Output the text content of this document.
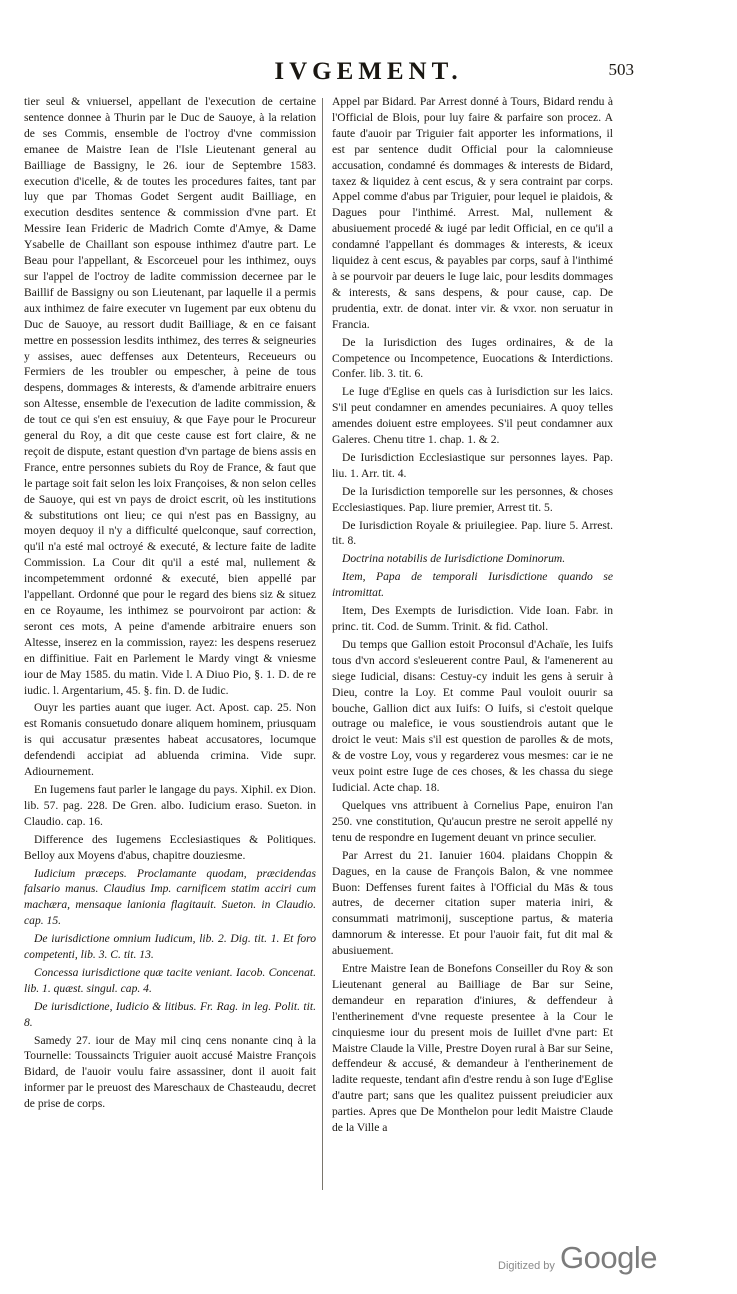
IVGEMENT.	503

tier seul & vniuersel, appellant de l'execution de certaine sentence donnee à Thurin par le Duc de Sauoye, à la relation de ses Commis, ensemble de l'octroy d'vne commission emanee de Maistre Iean de l'Isle Lieutenant general au Bailliage de Bassigny, le 26. iour de Septembre 1583. execution d'icelle, & de toutes les procedures faites, tant par luy que par Thomas Godet Sergent audit Bailliage, en execution desdites sentence & commission d'vne part. Et Messire Iean Frideric de Madrich Comte d'Amye, & Dame Ysabelle de Chaillant son espouse inthimez d'autre part. Le Beau pour l'appellant, & Escorceuel pour les inthimez, ouys sur l'appel de l'octroy de ladite commission decernee par le Baillif de Bassigny ou son Lieutenant, par laquelle il a permis aux inthimez de faire executer vn Iugement par eux obtenu du Duc de Sauoye, au ressort dudit Bailliage, & en ce faisant mettre en possession lesdits inthimez, des terres & seigneuries y assises, auec deffenses aux Detenteurs, Receueurs ou Fermiers de les troubler ou empescher, à peine de tous despens, dommages & interests, & d'amende arbitraire enuers son Altesse, ensemble de l'execution de ladite commission, & de tout ce qui s'en est ensuiuy, & que Faye pour le Procureur general du Roy, a dit que ceste cause est fort claire, & ne reçoit de dispute, estant question d'vn partage de biens assis en France, entre personnes subiets du Roy de France, & faut que le partage soit fait selon les loix Françoises, & non selon celles de Sauoye, qui est vn pays de droict escrit, où les institutions & substitutions ont lieu; ce qui n'est pas en Bassigny, au moyen dequoy il n'y a difficulté quelconque, sauf correction, qu'il n'a esté mal octroyé & executé, & lecture faite de ladite Commission. La Cour dit qu'il a esté mal, nullement & incompetemment ordonné & executé, bien appellé par l'appellant. Ordonné que pour le regard des biens siz & situez en ce Royaume, les inthimez se pourvoiront par action: & seront ces mots, A peine d'amende arbitraire enuers son Altesse, inserez en la commission, rayez: les despens reseruez en diffinitiue. Fait en Parlement le Mardy vingt & vniesme iour de May 1585. du matin. Vide l. A Diuo Pio, §. 1. D. de re iudic. l. Argentarium, 45. §. fin. D. de Iudic.

Ouyr les parties auant que iuger. Act. Apost. cap. 25. Non est Romanis consuetudo donare aliquem hominem, priusquam is qui accusatur præsentes habeat accusatores, locumque defendendi accipiat ad abluenda crimina. Vide supr. Adiournement.

En Iugemens faut parler le langage du pays. Xiphil. ex Dion. lib. 57. pag. 228. De Gren. albo. Iudicium eraso. Sueton. in Claudio. cap. 16.

Difference des Iugemens Ecclesiastiques & Politiques. Belloy aux Moyens d'abus, chapitre douziesme.

Iudicium præceps. Proclamante quodam, præcidendas falsario manus. Claudius Imp. carnificem statim acciri cum machæra, mensaque lanionia flagitauit. Sueton. in Claudio. cap. 15.

De iurisdictione omnium Iudicum, lib. 2. Dig. tit. 1. Et foro competenti, lib. 3. C. tit. 13.

Concessa iurisdictione quæ tacite veniant. Iacob. Concenat. lib. 1. quæst. singul. cap. 4.

De iurisdictione, Iudicio & litibus. Fr. Rag. in leg. Polit. tit. 8.

Samedy 27. iour de May mil cinq cens nonante cinq à la Tournelle: Toussaincts Triguier auoit accusé Maistre François Bidard, de l'auoir voulu faire assassiner, dont il auoit fait informer par le preuost des Mareschaux de Chasteaudu, decret de prise de corps.

Appel par Bidard. Par Arrest donné à Tours, Bidard rendu à l'Official de Blois, pour luy faire & parfaire son procez. A faute d'auoir par Triguier fait apporter les informations, il est par sentence dudit Official pour la calomnieuse accusation, condamné és dommages & interests de Bidard, taxez & liquidez à cent escus, & y sera contraint par corps. Appel comme d'abus par Triguier, pour lequel ie plaidois, & Dagues pour l'inthimé. Arrest. Mal, nullement & abusiuement procedé & iugé par ledit Official, en ce qu'il a condamné l'appellant és dommages & interests, & iceux liquidez à cent escus, & payables par corps, sauf à l'inthimé à se pourvoir par deuers le Iuge laic, pour lesdits dommages & interests, & sans despens, & pour cause, cap. De prudentia, extr. de donat. inter vir. & vxor. non seruatur in Francia.

De la Iurisdiction des Iuges ordinaires, & de la Competence ou Incompetence, Euocations & Interdictions. Confer. lib. 3. tit. 6.

Le Iuge d'Eglise en quels cas à Iurisdiction sur les laics. S'il peut condamner en amendes pecuniaires. A quoy telles amendes doiuent estre employees. S'il peut condamner aux Galeres. Chenu titre 1. chap. 1. & 2.

De Iurisdiction Ecclesiastique sur personnes layes. Pap. liu. 1. Arr. tit. 4.

De la Iurisdiction temporelle sur les personnes, & choses Ecclesiastiques. Pap. liure premier, Arrest tit. 5.

De Iurisdiction Royale & priuilegiee. Pap. liure 5. Arrest. tit. 8.

Doctrina notabilis de Iurisdictione Dominorum.

Item, Papa de temporali Iurisdictione quando se intromittat.

Item, Des Exempts de Iurisdiction. Vide Ioan. Fabr. in princ. tit. Cod. de Summ. Trinit. & fid. Cathol.

Du temps que Gallion estoit Proconsul d'Achaïe, les Iuifs tous d'vn accord s'esleuerent contre Paul, & l'amenerent au siege Iudicial, disans: Cestuy-cy induit les gens à seruir à Dieu, contre la Loy. Et comme Paul vouloit ouurir sa bouche, Gallion dict aux Iuifs: O Iuifs, si c'estoit quelque outrage ou malefice, ie vous soustiendrois autant que le droict le veut: Mais s'il est question de parolles & de mots, & de vostre Loy, vous y regarderez vous mesmes: car ie ne veux point estre Iuge de ces choses, & les chassa du siege Iudicial. Acte chap. 18.

Quelques vns attribuent à Cornelius Pape, enuiron l'an 250. vne constitution, Qu'aucun prestre ne seroit appellé ny tenu de respondre en Iugement deuant vn prince seculier.

Par Arrest du 21. Ianuier 1604. plaidans Choppin & Dagues, en la cause de François Balon, & vne nommee Buon: Deffenses furent faites à l'Official du Mās & tous autres, de decerner citation super materia iniri, & consummati matrimonij, susceptione partus, & materia damnorum & interesse. Et pour l'auoir fait, fut dit mal & abusiuement.

Entre Maistre Iean de Bonefons Conseiller du Roy & son Lieutenant general au Bailliage de Bar sur Seine, demandeur en reparation d'iniures, & deffendeur à l'entherinement d'vne requeste presentee à la Cour le cinquiesme iour du present mois de Iuillet d'vne part: Et Maistre Claude la Ville, Prestre Doyen rural à Bar sur Seine, deffendeur & accusé, & demandeur à l'entherinement de ladite requeste, tendant afin d'estre rendu à son Iuge d'Eglise d'autre part; sans que les qualitez puissent preiudicier aux parties. Apres que De Monthelon pour ledit Maistre Claude de la Ville a

Digitized by Google
